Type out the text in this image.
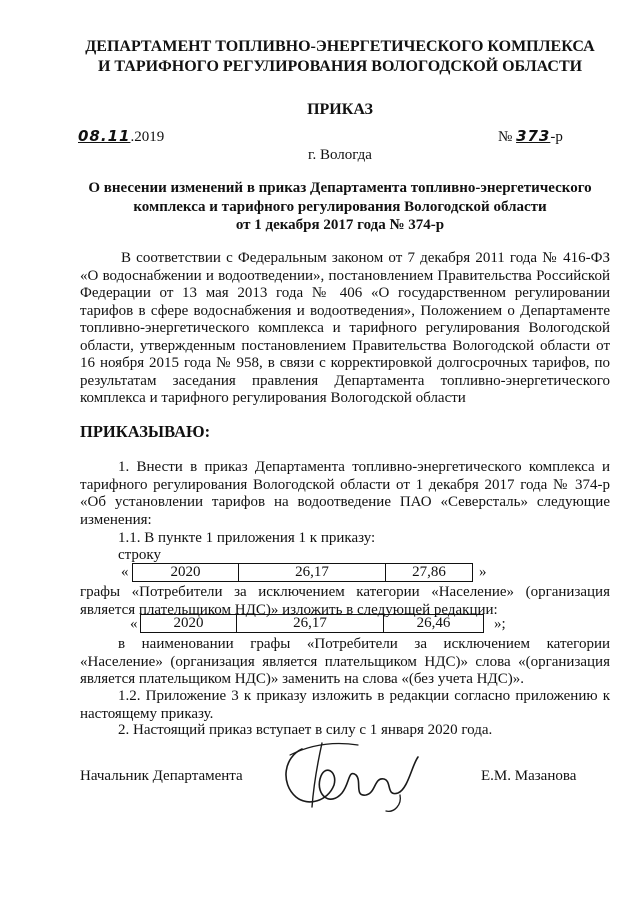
ДЕПАРТАМЕНТ ТОПЛИВНО-ЭНЕРГЕТИЧЕСКОГО КОМПЛЕКСА
И ТАРИФНОГО РЕГУЛИРОВАНИЯ ВОЛОГОДСКОЙ ОБЛАСТИ
ПРИКАЗ
08.11.2019	№ 373-р
г. Вологда
О внесении изменений в приказ Департамента топливно-энергетического
комплекса и тарифного регулирования Вологодской области
от 1 декабря 2017 года № 374-р
В соответствии с Федеральным законом от 7 декабря 2011 года № 416-ФЗ «О водоснабжении и водоотведении», постановлением Правительства Российской Федерации от 13 мая 2013 года № 406 «О государственном регулировании тарифов в сфере водоснабжения и водоотведения», Положением о Департаменте топливно-энергетического комплекса и тарифного регулирования Вологодской области, утвержденным постановлением Правительства Вологодской области от 16 ноября 2015 года № 958, в связи с корректировкой долгосрочных тарифов, по результатам заседания правления Департамента топливно-энергетического комплекса и тарифного регулирования Вологодской области
ПРИКАЗЫВАЮ:
1. Внести в приказ Департамента топливно-энергетического комплекса и тарифного регулирования Вологодской области от 1 декабря 2017 года № 374-р «Об установлении тарифов на водоотведение ПАО «Северсталь» следующие изменения:
1.1. В пункте 1 приложения 1 к приказу:
строку
«	2020	26,17	27,86 »
графы «Потребители за исключением категории «Население» (организация является плательщиком НДС)» изложить в следующей редакции:
« 2020	26,17	26,46	»;
в наименовании графы «Потребители за исключением категории «Население» (организация является плательщиком НДС)» слова «(организация является плательщиком НДС)» заменить на слова «(без учета НДС)».
1.2. Приложение 3 к приказу изложить в редакции согласно приложению к настоящему приказу.
2. Настоящий приказ вступает в силу с 1 января 2020 года.
Начальник Департамента	Е.М. Мазанова
